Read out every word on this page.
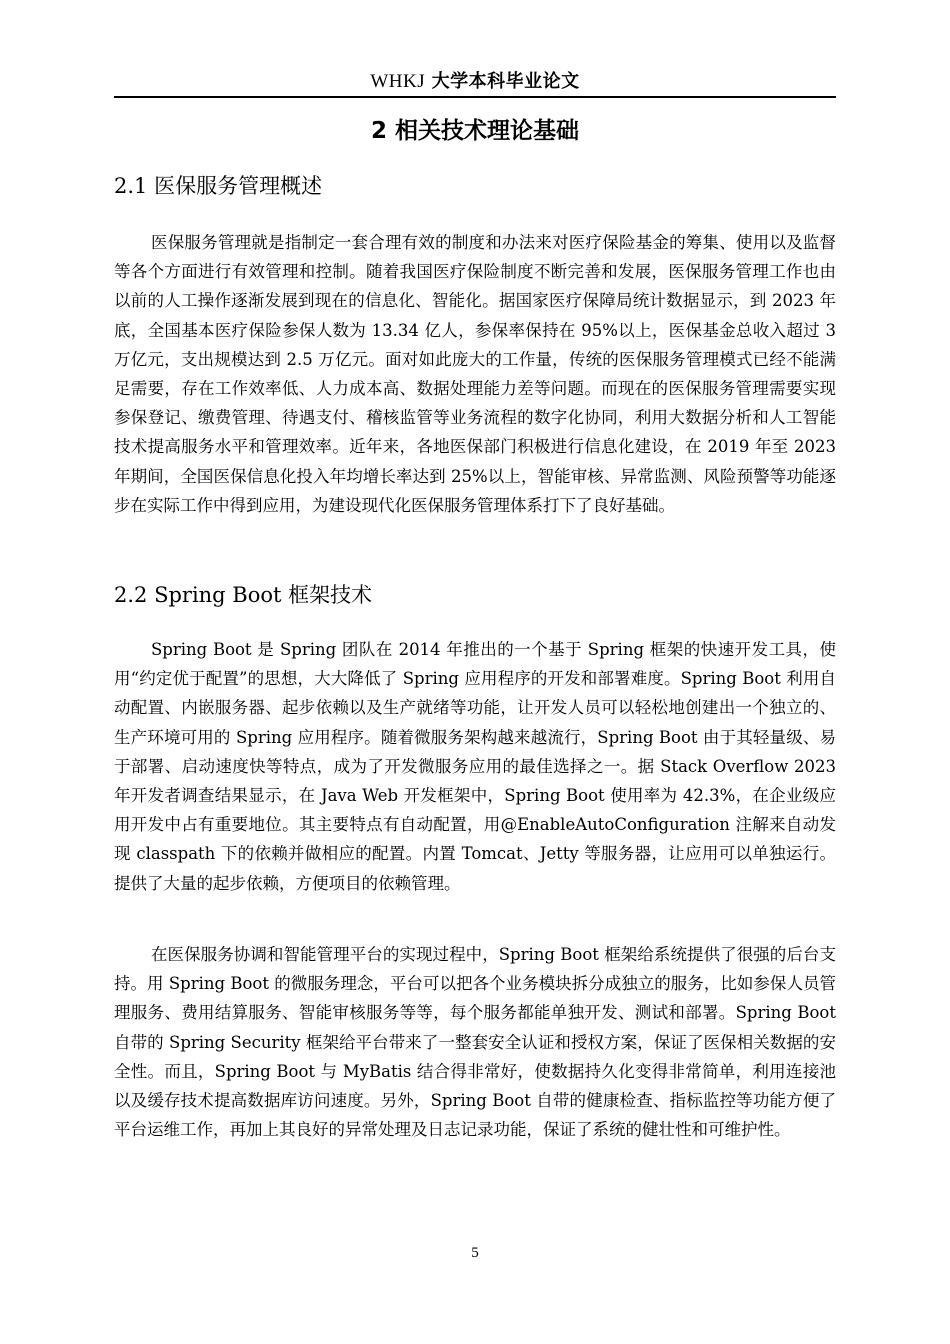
WHKJ 大学本科毕业论文
2 相关技术理论基础
2.1 医保服务管理概述

医保服务管理就是指制定一套合理有效的制度和办法来对医疗保险基金的筹集、使用以及监督等各个方面进行有效管理和控制。随着我国医疗保险制度不断完善和发展，医保服务管理工作也由以前的人工操作逐渐发展到现在的信息化、智能化。据国家医疗保障局统计数据显示，到 2023 年底，全国基本医疗保险参保人数为 13.34 亿人，参保率保持在 95%以上，医保基金总收入超过 3 万亿元，支出规模达到 2.5 万亿元。面对如此庞大的工作量，传统的医保服务管理模式已经不能满足需要，存在工作效率低、人力成本高、数据处理能力差等问题。而现在的医保服务管理需要实现参保登记、缴费管理、待遇支付、稽核监管等业务流程的数字化协同，利用大数据分析和人工智能技术提高服务水平和管理效率。近年来，各地医保部门积极进行信息化建设，在 2019 年至 2023 年期间，全国医保信息化投入年均增长率达到 25%以上，智能审核、异常监测、风险预警等功能逐步在实际工作中得到应用，为建设现代化医保服务管理体系打下了良好基础。

2.2 Spring Boot 框架技术

Spring Boot 是 Spring 团队在 2014 年推出的一个基于 Spring 框架的快速开发工具，使用“约定优于配置”的思想，大大降低了 Spring 应用程序的开发和部署难度。Spring Boot 利用自动配置、内嵌服务器、起步依赖以及生产就绪等功能，让开发人员可以轻松地创建出一个独立的、生产环境可用的 Spring 应用程序。随着微服务架构越来越流行，Spring Boot 由于其轻量级、易于部署、启动速度快等特点，成为了开发微服务应用的最佳选择之一。据 Stack Overflow 2023 年开发者调查结果显示，在 Java Web 开发框架中，Spring Boot 使用率为 42.3%，在企业级应用开发中占有重要地位。其主要特点有自动配置，用@EnableAutoConfiguration 注解来自动发现 classpath 下的依赖并做相应的配置。内置 Tomcat、Jetty 等服务器，让应用可以单独运行。提供了大量的起步依赖，方便项目的依赖管理。

在医保服务协调和智能管理平台的实现过程中，Spring Boot 框架给系统提供了很强的后台支持。用 Spring Boot 的微服务理念，平台可以把各个业务模块拆分成独立的服务，比如参保人员管理服务、费用结算服务、智能审核服务等等，每个服务都能单独开发、测试和部署。Spring Boot 自带的 Spring Security 框架给平台带来了一整套安全认证和授权方案，保证了医保相关数据的安全性。而且，Spring Boot 与 MyBatis 结合得非常好，使数据持久化变得非常简单，利用连接池以及缓存技术提高数据库访问速度。另外，Spring Boot 自带的健康检查、指标监控等功能方便了平台运维工作，再加上其良好的异常处理及日志记录功能，保证了系统的健壮性和可维护性。

5
